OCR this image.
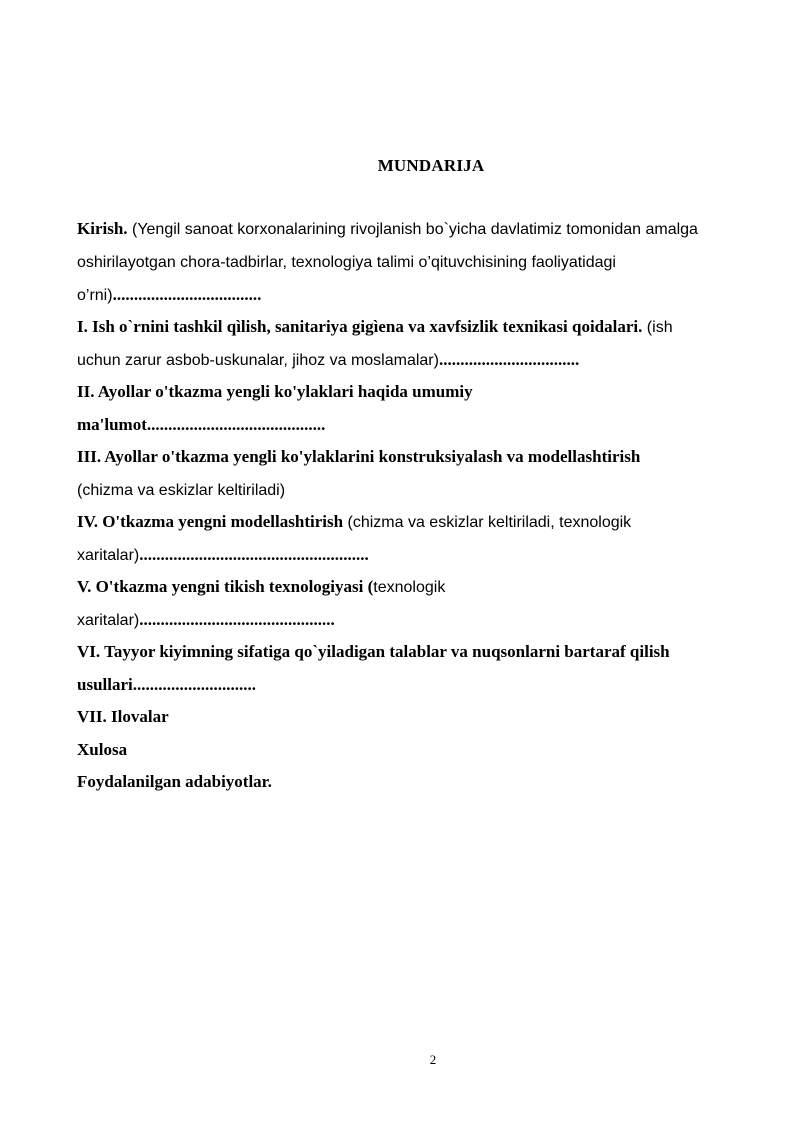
MUNDARIJA
Kirish. (Yengil sanoat korxonalarining rivojlanish bo`yicha davlatimiz tomonidan amalga
oshirilayotgan chora-tadbirlar, texnologiya talimi o’qituvchisining faoliyatidagi
o’rni)...................................
I. Ish o`rnini tashkil qìlish, sanitariya gigìena va xavfsizlik texnikasi qoidalari. (ish
uchun zarur asbob-uskunalar, jihoz va moslamalar).................................
II. Ayollar o'tkazma yengli ko'ylaklari haqida umumiy
ma'lumot..........................................
III. Ayollar o'tkazma yengli ko'ylaklarini konstruksiyalash va modellashtirish
(chizma va eskizlar keltiriladi)
IV. O'tkazma yengni modellashtirish (chizma va eskizlar keltiriladi, texnologik
xaritalar)......................................................
V. O'tkazma yengni tikish texnologiyasi (texnologik
xaritalar)..............................................
VI. Tayyor kiyimning sifatiga qo`yiladigan talablar va nuqsonlarni bartaraf qilish
usullari.............................
VII. Ilovalar
Xulosa
Foydalanilgan adabiyotlar.
2
